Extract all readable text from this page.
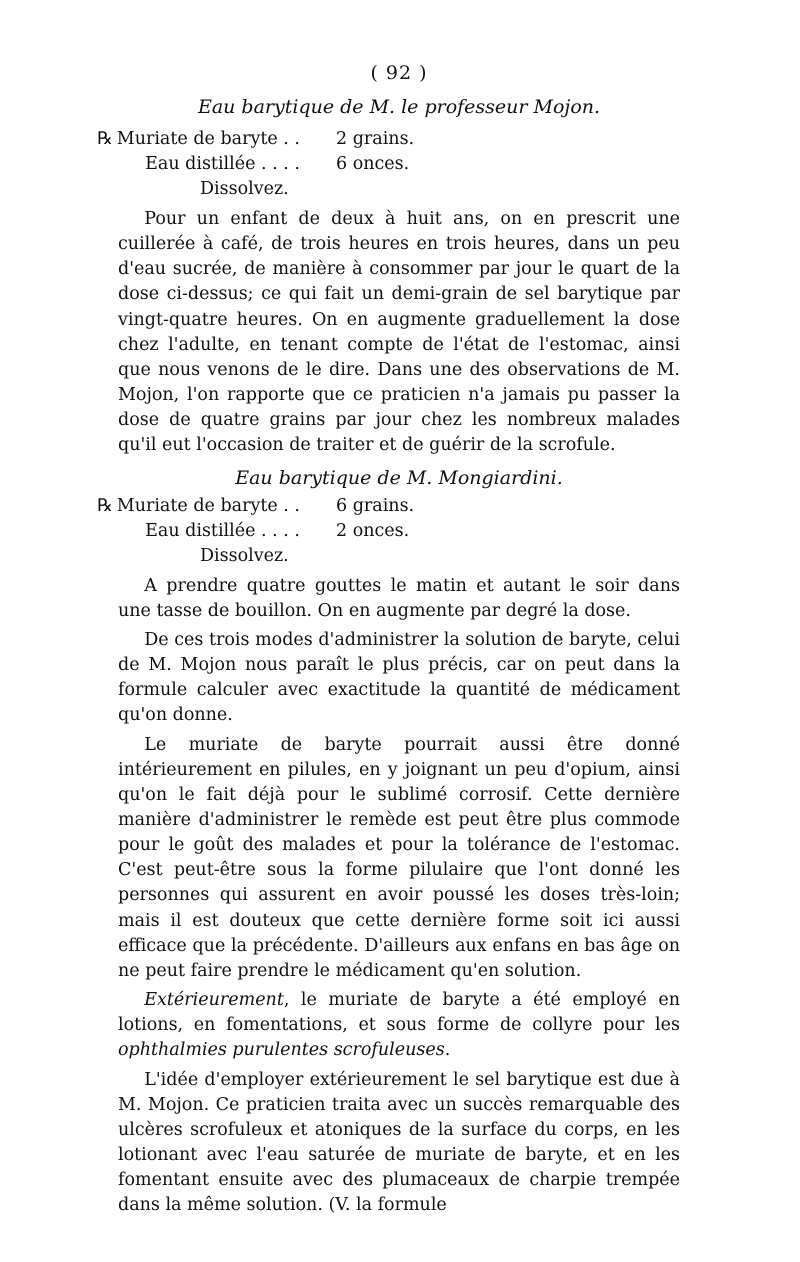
( 92 )
Eau barytique de M. le professeur Mojon.
℞ Muriate de baryte . . 2 grains.
Eau distillée . . . . 6 onces.
Dissolvez.

Pour un enfant de deux à huit ans, on en prescrit une cuillerée à café, de trois heures en trois heures, dans un peu d'eau sucrée, de manière à consommer par jour le quart de la dose ci-dessus; ce qui fait un demi-grain de sel barytique par vingt-quatre heures. On en augmente graduellement la dose chez l'adulte, en tenant compte de l'état de l'estomac, ainsi que nous venons de le dire. Dans une des observations de M. Mojon, l'on rapporte que ce praticien n'a jamais pu passer la dose de quatre grains par jour chez les nombreux malades qu'il eut l'occasion de traiter et de guérir de la scrofule.

Eau barytique de M. Mongiardini.
℞ Muriate de baryte . . 6 grains.
Eau distillée . . . . 2 onces.
Dissolvez.

A prendre quatre gouttes le matin et autant le soir dans une tasse de bouillon. On en augmente par degré la dose.

De ces trois modes d'administrer la solution de baryte, celui de M. Mojon nous paraît le plus précis, car on peut dans la formule calculer avec exactitude la quantité de médicament qu'on donne.

Le muriate de baryte pourrait aussi être donné intérieurement en pilules, en y joignant un peu d'opium, ainsi qu'on le fait déjà pour le sublimé corrosif. Cette dernière manière d'administrer le remède est peut être plus commode pour le goût des malades et pour la tolérance de l'estomac. C'est peut-être sous la forme pilulaire que l'ont donné les personnes qui assurent en avoir poussé les doses très-loin; mais il est douteux que cette dernière forme soit ici aussi efficace que la précédente. D'ailleurs aux enfans en bas âge on ne peut faire prendre le médicament qu'en solution.

Extérieurement, le muriate de baryte a été employé en lotions, en fomentations, et sous forme de collyre pour les ophthalmies purulentes scrofuleuses.

L'idée d'employer extérieurement le sel barytique est due à M. Mojon. Ce praticien traita avec un succès remarquable des ulcères scrofuleux et atoniques de la surface du corps, en les lotionant avec l'eau saturée de muriate de baryte, et en les fomentant ensuite avec des plumaceaux de charpie trempée dans la même solution. (V. la formule
